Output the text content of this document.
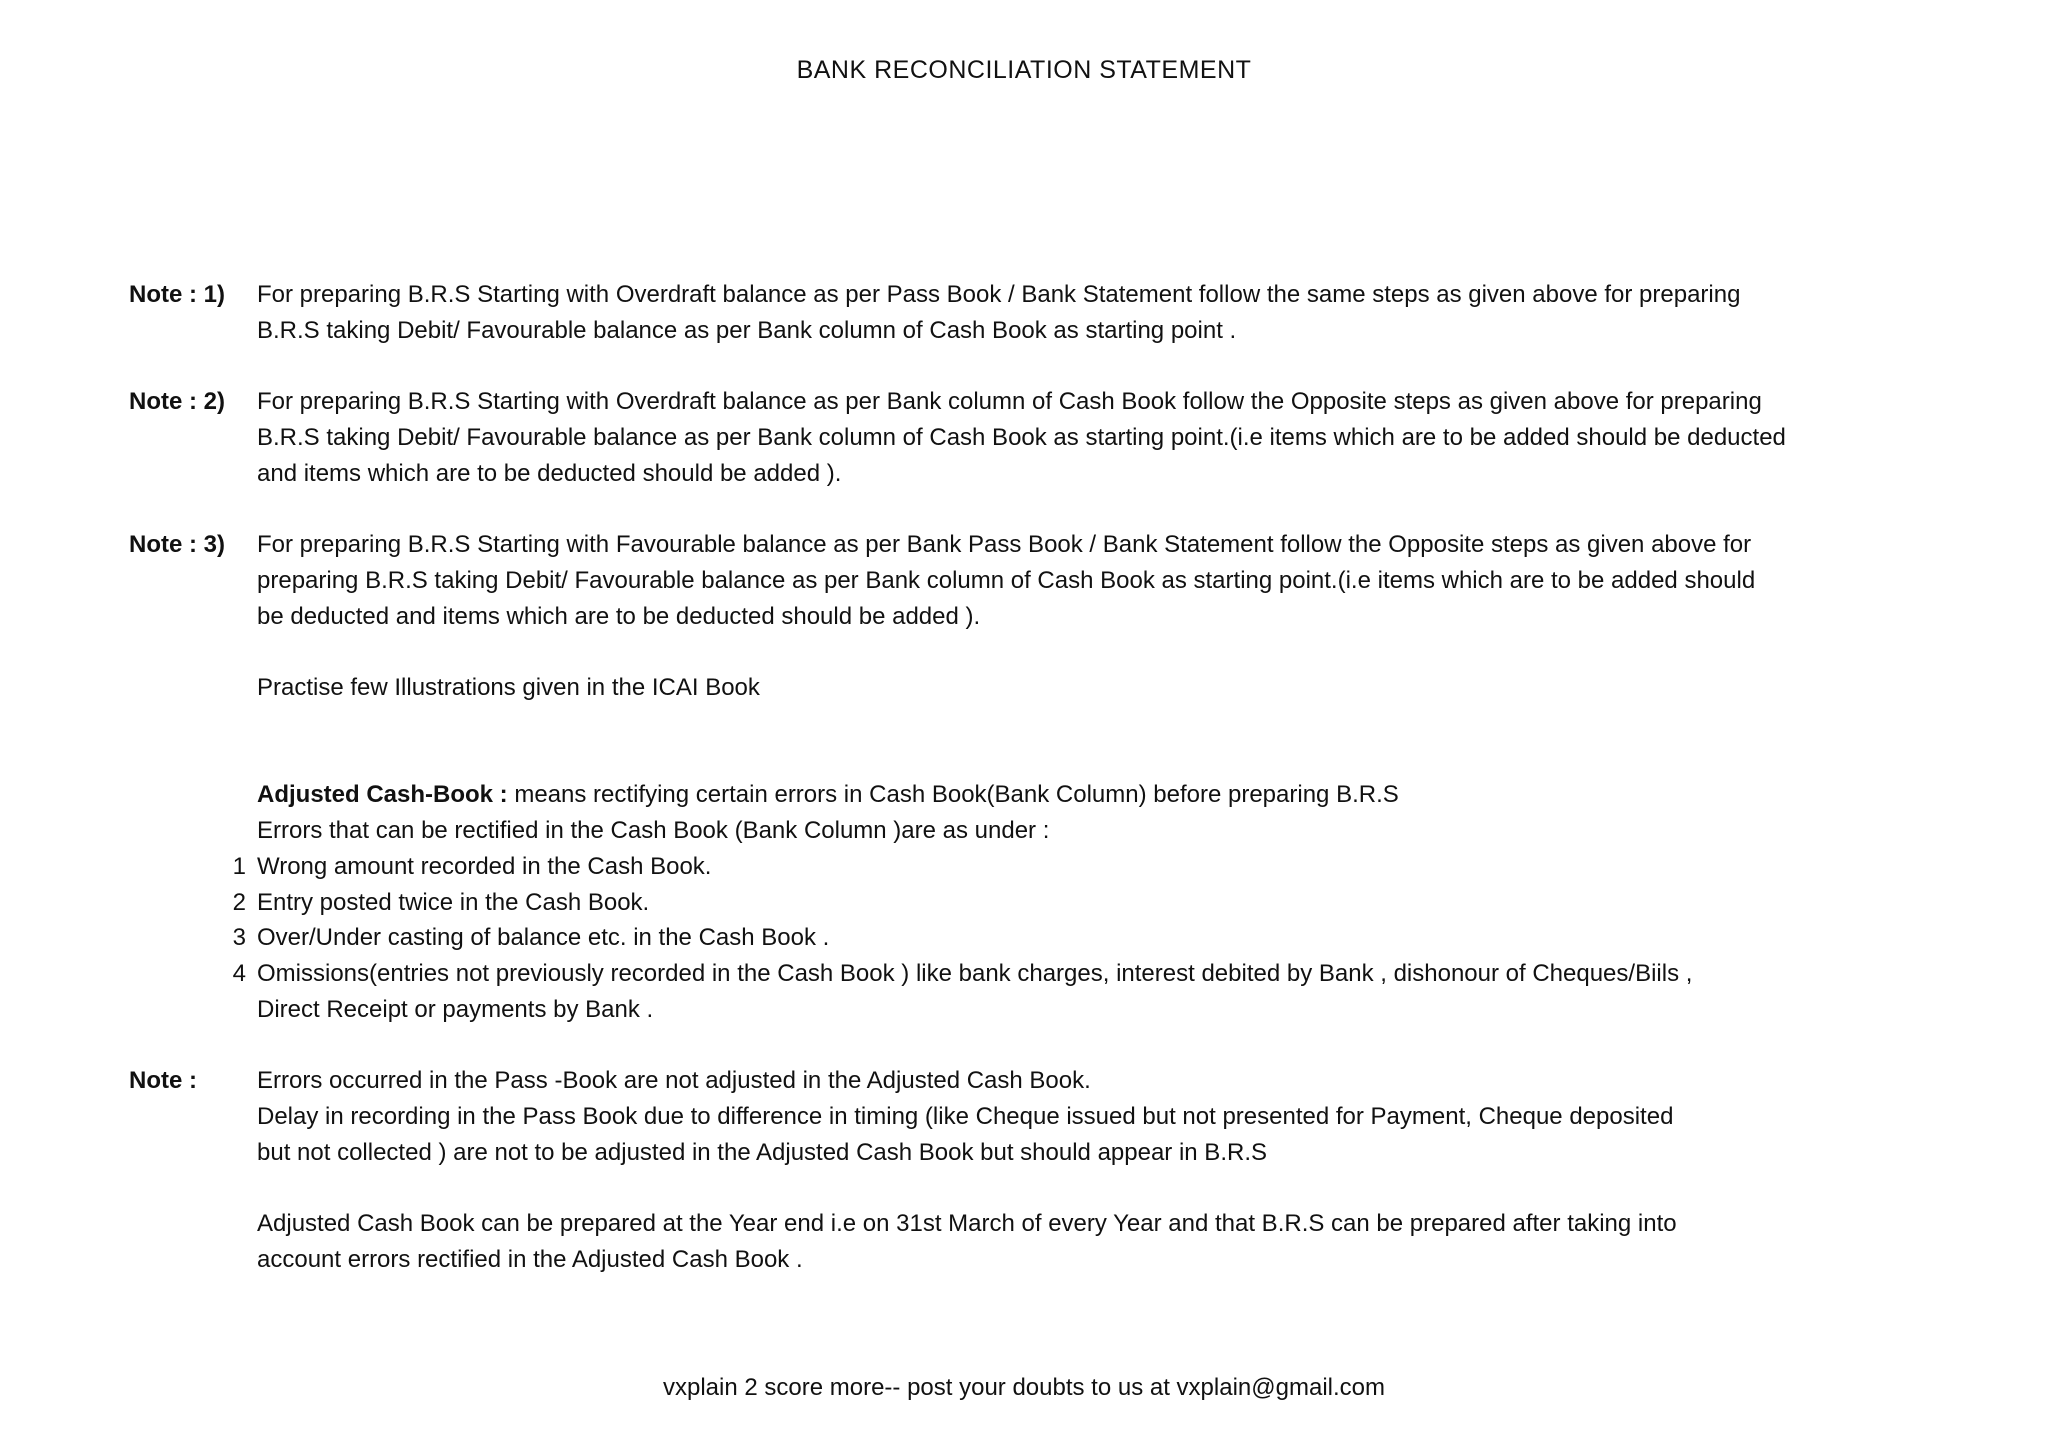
BANK RECONCILIATION STATEMENT
Note : 1) For preparing B.R.S Starting with Overdraft balance as per Pass Book / Bank Statement follow the same steps as given above for preparing
B.R.S taking Debit/ Favourable balance as per Bank column of Cash Book as starting point .
Note : 2) For preparing B.R.S Starting with Overdraft balance as per Bank column of Cash Book follow the Opposite steps as given above for preparing
B.R.S taking Debit/ Favourable balance as per Bank column of Cash Book as starting point.(i.e items which are to be added should be deducted
and items which are to be deducted should be added ).
Note : 3) For preparing B.R.S Starting with Favourable balance as per Bank Pass Book / Bank Statement follow the Opposite steps as given above for
preparing B.R.S taking Debit/ Favourable balance as per Bank column of Cash Book as starting point.(i.e items which are to be added should
be deducted and items which are to be deducted should be added ).
Practise few Illustrations given in the ICAI Book
Adjusted Cash-Book : means rectifying certain errors in Cash Book(Bank Column) before preparing B.R.S
Errors that can be rectified in the Cash Book (Bank Column )are as under :
1 Wrong amount recorded in the Cash Book.
2 Entry posted twice in the Cash Book.
3 Over/Under casting of balance etc. in the Cash Book .
4 Omissions(entries not previously recorded in the Cash Book ) like bank charges, interest debited by Bank , dishonour of Cheques/Biils ,
Direct Receipt or payments by Bank .
Note :	Errors occurred in the Pass -Book are not adjusted in the Adjusted Cash Book.
Delay in recording in the Pass Book due to difference in timing (like Cheque issued but not presented for Payment, Cheque deposited
but not collected ) are not to be adjusted in the Adjusted Cash Book but should appear in B.R.S
Adjusted Cash Book can be prepared at the Year end i.e on 31st March of every Year and that B.R.S can be prepared after taking into
account errors rectified in the Adjusted Cash Book .
vxplain 2 score more-- post your doubts to us at vxplain@gmail.com
